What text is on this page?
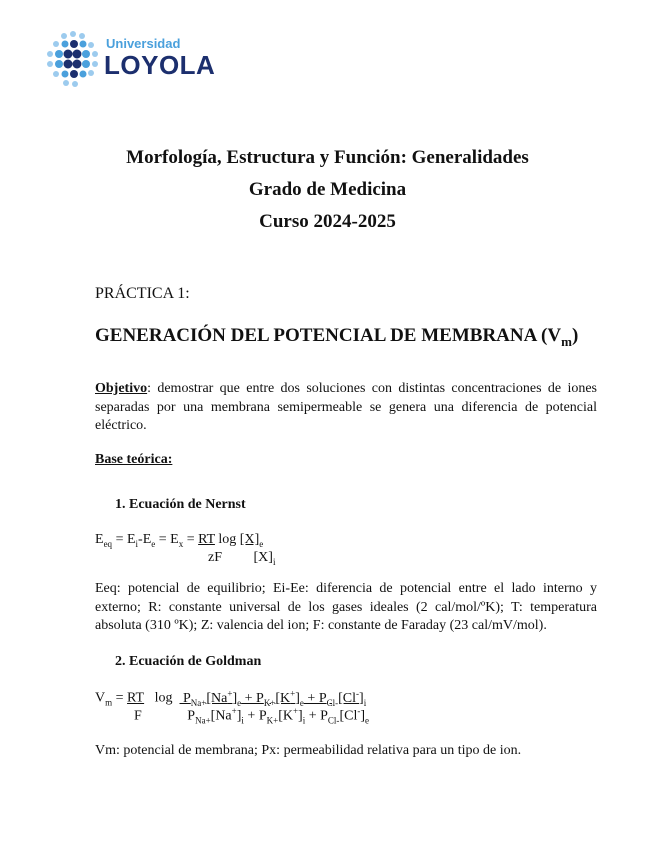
Universidad
LOYOLA
Morfología, Estructura y Función: Generalidades
Grado de Medicina
Curso 2024-2025
PRÁCTICA 1:
GENERACIÓN DEL POTENCIAL DE MEMBRANA $(V_m)$
Objetivo: demostrar que entre dos soluciones con distintas concentraciones de iones separadas por una membrana semipermeable se genera una diferencia de potencial eléctrico.
Base teórica:
1. Ecuación de Nernst
$E_{eq} = E_i-E_e = E_x$ = RT $\log [X]_e$
zF         $[X]_i$
Eeq: potencial de equilibrio; Ei-Ee: diferencia de potencial entre el lado interno y externo; R: constante universal de los gases ideales (2 cal/mol/ºK); T: temperatura absoluta (310 ºK); Z: valencia del ion; F: constante de Faraday (23 cal/mV/mol).
2. Ecuación de Goldman
$V_m$ = RT   $\log P_{Na+}[Na^+]_e + P_{K+}[K^+]_e + P_{Cl-}[Cl^-]_i$
F             $P_{Na+}[Na^+]_i + P_{K+}[K^+]_i + P_{Cl-}[Cl^-]_e$
Vm: potencial de membrana; Px: permeabilidad relativa para un tipo de ion.
